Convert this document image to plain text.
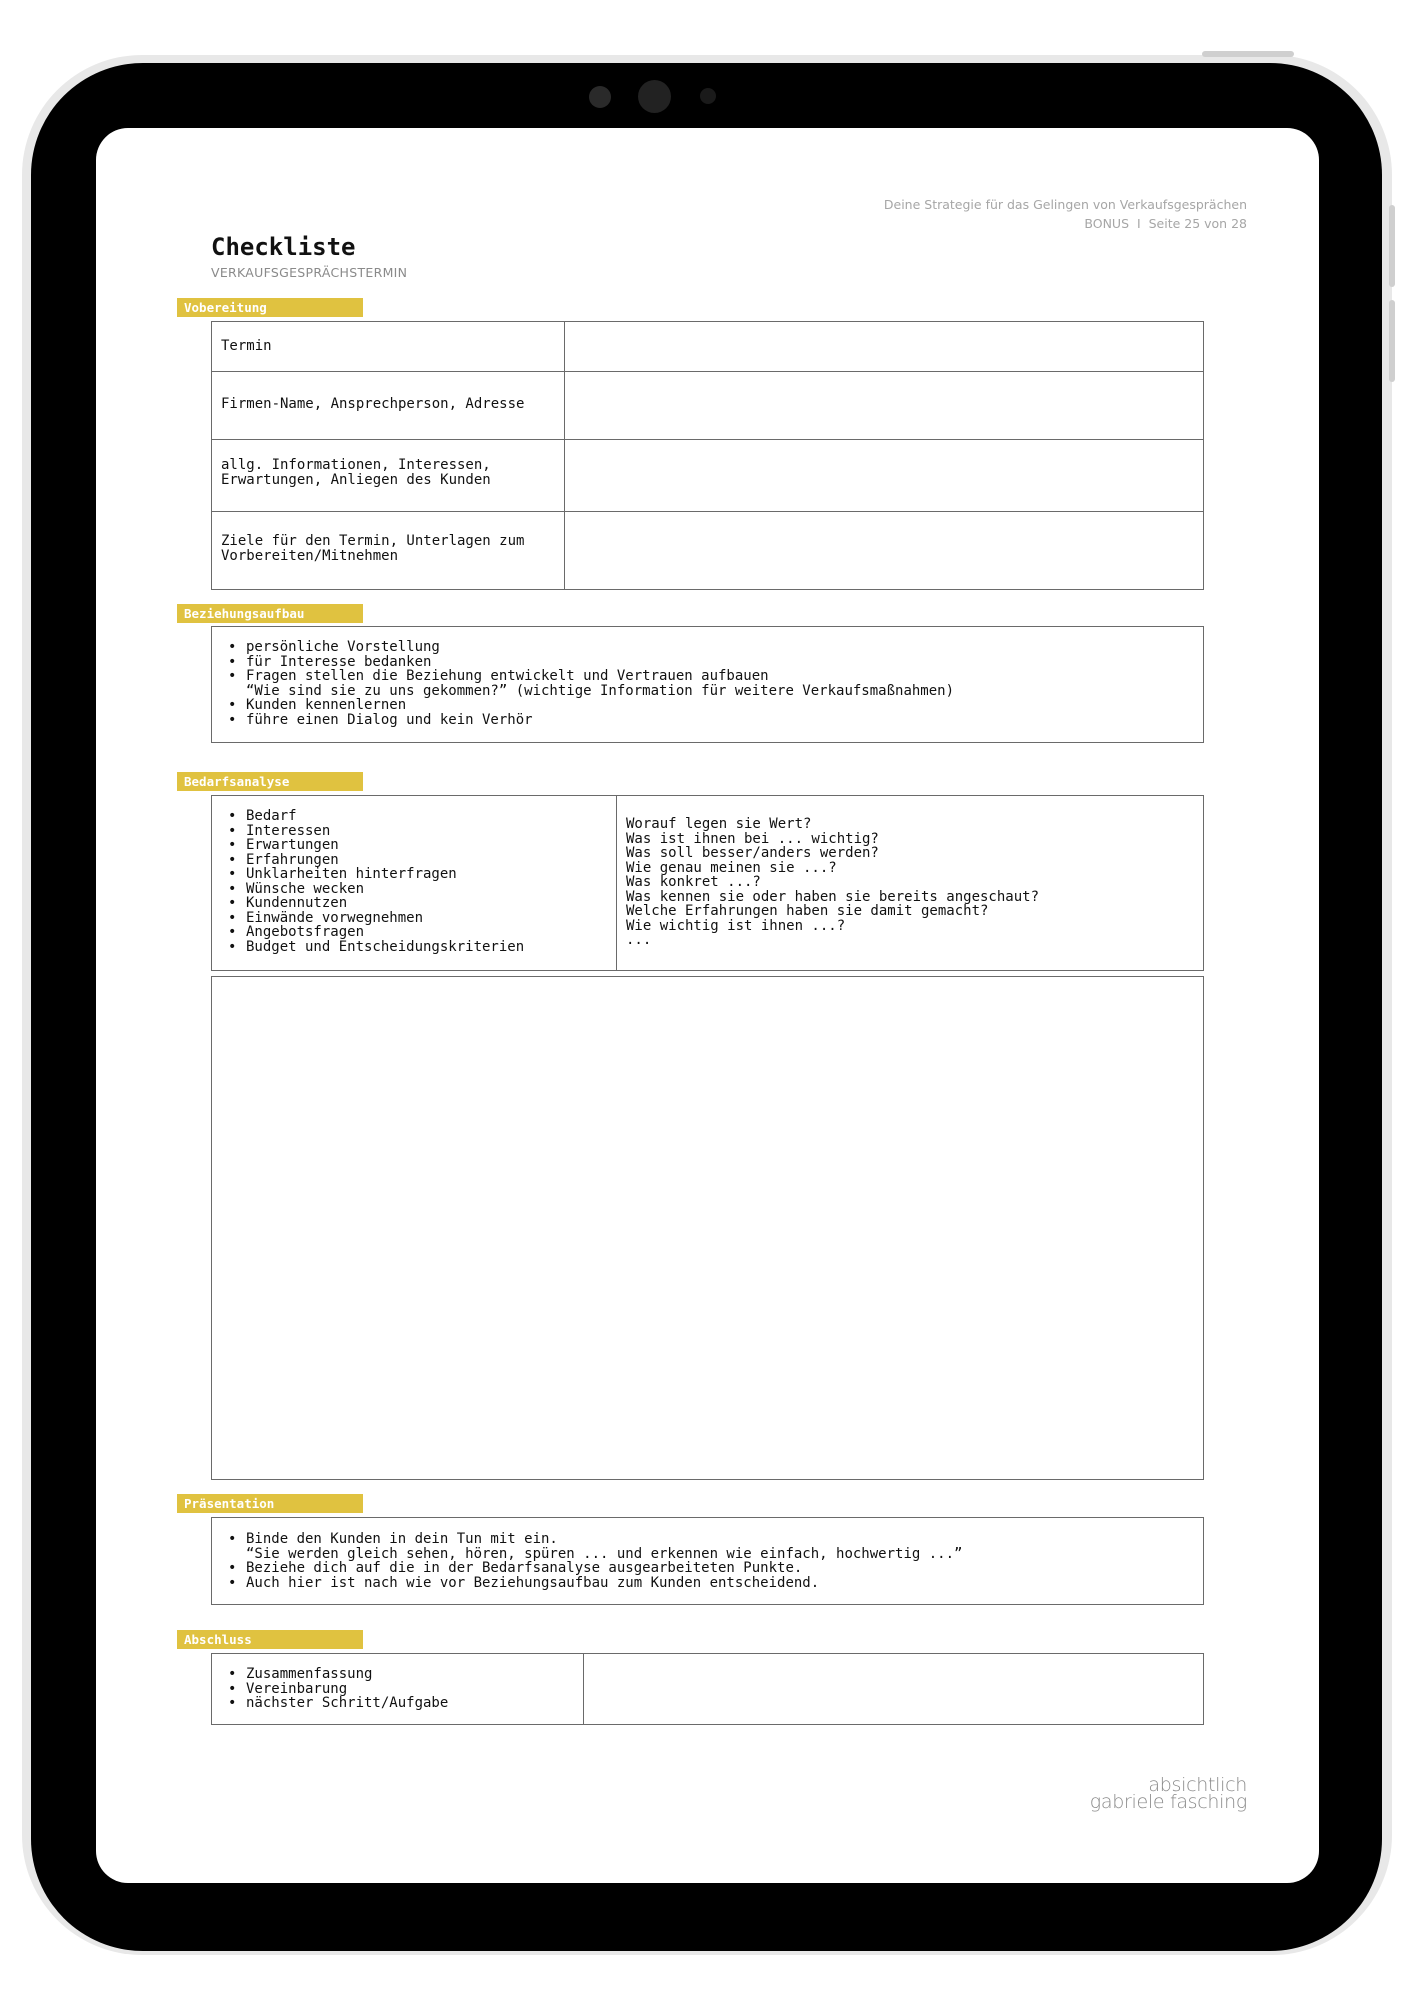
Deine Strategie für das Gelingen von Verkaufsgesprächen
BONUS  I  Seite 25 von 28
Checkliste
VERKAUFSGESPRÄCHSTERMIN
Vobereitung
Termin
Firmen-Name, Ansprechperson, Adresse
allg. Informationen, Interessen, Erwartungen, Anliegen des Kunden
Ziele für den Termin, Unterlagen zum Vorbereiten/Mitnehmen
Beziehungsaufbau
• persönliche Vorstellung
• für Interesse bedanken
• Fragen stellen die Beziehung entwickelt und Vertrauen aufbauen
“Wie sind sie zu uns gekommen?” (wichtige Information für weitere Verkaufsmaßnahmen)
• Kunden kennenlernen
• führe einen Dialog und kein Verhör
Bedarfsanalyse
• Bedarf
• Interessen
• Erwartungen
• Erfahrungen
• Unklarheiten hinterfragen
• Wünsche wecken
• Kundennutzen
• Einwände vorwegnehmen
• Angebotsfragen
• Budget und Entscheidungskriterien
Worauf legen sie Wert?
Was ist ihnen bei ... wichtig?
Was soll besser/anders werden?
Wie genau meinen sie ...?
Was konkret ...?
Was kennen sie oder haben sie bereits angeschaut?
Welche Erfahrungen haben sie damit gemacht?
Wie wichtig ist ihnen ...?
...
Präsentation
• Binde den Kunden in dein Tun mit ein.
“Sie werden gleich sehen, hören, spüren ... und erkennen wie einfach, hochwertig ...”
• Beziehe dich auf die in der Bedarfsanalyse ausgearbeiteten Punkte.
• Auch hier ist nach wie vor Beziehungsaufbau zum Kunden entscheidend.
Abschluss
• Zusammenfassung
• Vereinbarung
• nächster Schritt/Aufgabe
absichtlich
gabriele fasching
